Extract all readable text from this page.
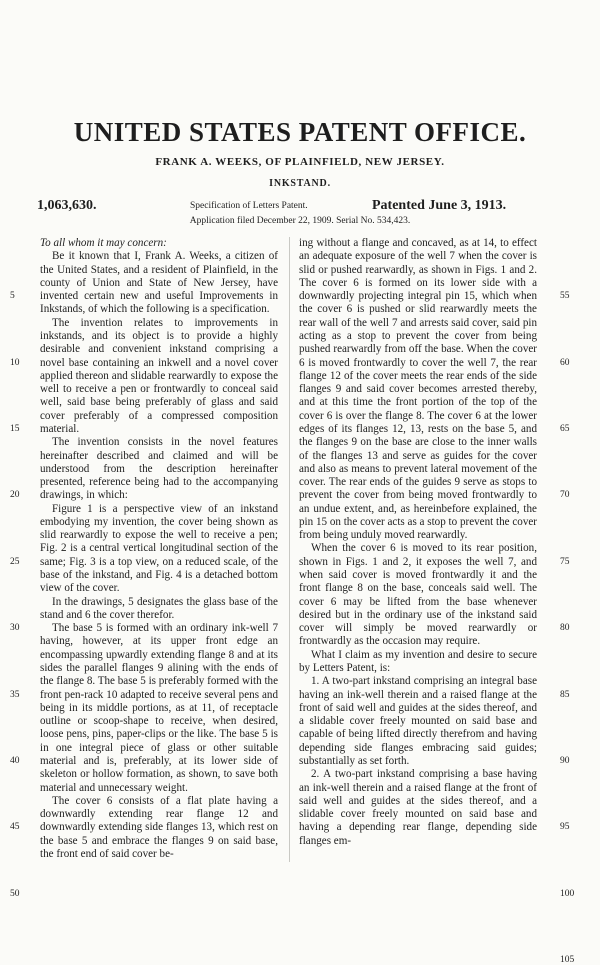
UNITED STATES PATENT OFFICE.
FRANK A. WEEKS, OF PLAINFIELD, NEW JERSEY.
INKSTAND.
1,063,630.	Specification of Letters Patent.	Patented June 3, 1913.
Application filed December 22, 1909. Serial No. 534,423.

To all whom it may concern:

Be it known that I, Frank A. Weeks, a citizen of the United States, and a resident of Plainfield, in the county of Union and State of New Jersey, have invented certain new and useful Improvements in Inkstands, of which the following is a specification.

The invention relates to improvements in inkstands, and its object is to provide a highly desirable and convenient inkstand comprising a novel base containing an inkwell and a novel cover applied thereon and slidable rearwardly to expose the well to receive a pen or frontwardly to conceal said well, said base being preferably of glass and said cover preferably of a compressed composition material.

The invention consists in the novel features hereinafter described and claimed and will be understood from the description hereinafter presented, reference being had to the accompanying drawings, in which:

Figure 1 is a perspective view of an inkstand embodying my invention, the cover being shown as slid rearwardly to expose the well to receive a pen; Fig. 2 is a central vertical longitudinal section of the same; Fig. 3 is a top view, on a reduced scale, of the base of the inkstand, and Fig. 4 is a detached bottom view of the cover.

In the drawings, 5 designates the glass base of the stand and 6 the cover therefor.

The base 5 is formed with an ordinary ink-well 7 having, however, at its upper front edge an encompassing upwardly extending flange 8 and at its sides the parallel flanges 9 alining with the ends of the flange 8. The base 5 is preferably formed with the front pen-rack 10 adapted to receive several pens and being in its middle portions, as at 11, of receptacle outline or scoop-shape to receive, when desired, loose pens, pins, paper-clips or the like. The base 5 is in one integral piece of glass or other suitable material and is, preferably, at its lower side of skeleton or hollow formation, as shown, to save both material and unnecessary weight.

The cover 6 consists of a flat plate having a downwardly extending rear flange 12 and downwardly extending side flanges 13, which rest on the base 5 and embrace the flanges 9 on said base, the front end of said cover be-

ing without a flange and concaved, as at 14, to effect an adequate exposure of the well 7 when the cover is slid or pushed rearwardly, as shown in Figs. 1 and 2. The cover 6 is formed on its lower side with a downwardly projecting integral pin 15, which when the cover 6 is pushed or slid rearwardly meets the rear wall of the well 7 and arrests said cover, said pin acting as a stop to prevent the cover from being pushed rearwardly from off the base. When the cover 6 is moved frontwardly to cover the well 7, the rear flange 12 of the cover meets the rear ends of the side flanges 9 and said cover becomes arrested thereby, and at this time the front portion of the top of the cover 6 is over the flange 8. The cover 6 at the lower edges of its flanges 12, 13, rests on the base 5, and the flanges 9 on the base are close to the inner walls of the flanges 13 and serve as guides for the cover and also as means to prevent lateral movement of the cover. The rear ends of the guides 9 serve as stops to prevent the cover from being moved frontwardly to an undue extent, and, as hereinbefore explained, the pin 15 on the cover acts as a stop to prevent the cover from being unduly moved rearwardly.

When the cover 6 is moved to its rear position, shown in Figs. 1 and 2, it exposes the well 7, and when said cover is moved frontwardly it and the front flange 8 on the base, conceals said well. The cover 6 may be lifted from the base whenever desired but in the ordinary use of the inkstand said cover will simply be moved rearwardly or frontwardly as the occasion may require.

What I claim as my invention and desire to secure by Letters Patent, is:

1. A two-part inkstand comprising an integral base having an ink-well therein and a raised flange at the front of said well and guides at the sides thereof, and a slidable cover freely mounted on said base and capable of being lifted directly therefrom and having depending side flanges embracing said guides; substantially as set forth.

2. A two-part inkstand comprising a base having an ink-well therein and a raised flange at the front of said well and guides at the sides thereof, and a slidable cover freely mounted on said base and having a depending rear flange, depending side flanges em-

5
10
15
20
25
30
35
40
45
50
55
60
65
70
75
80
85
90
95
100
105
